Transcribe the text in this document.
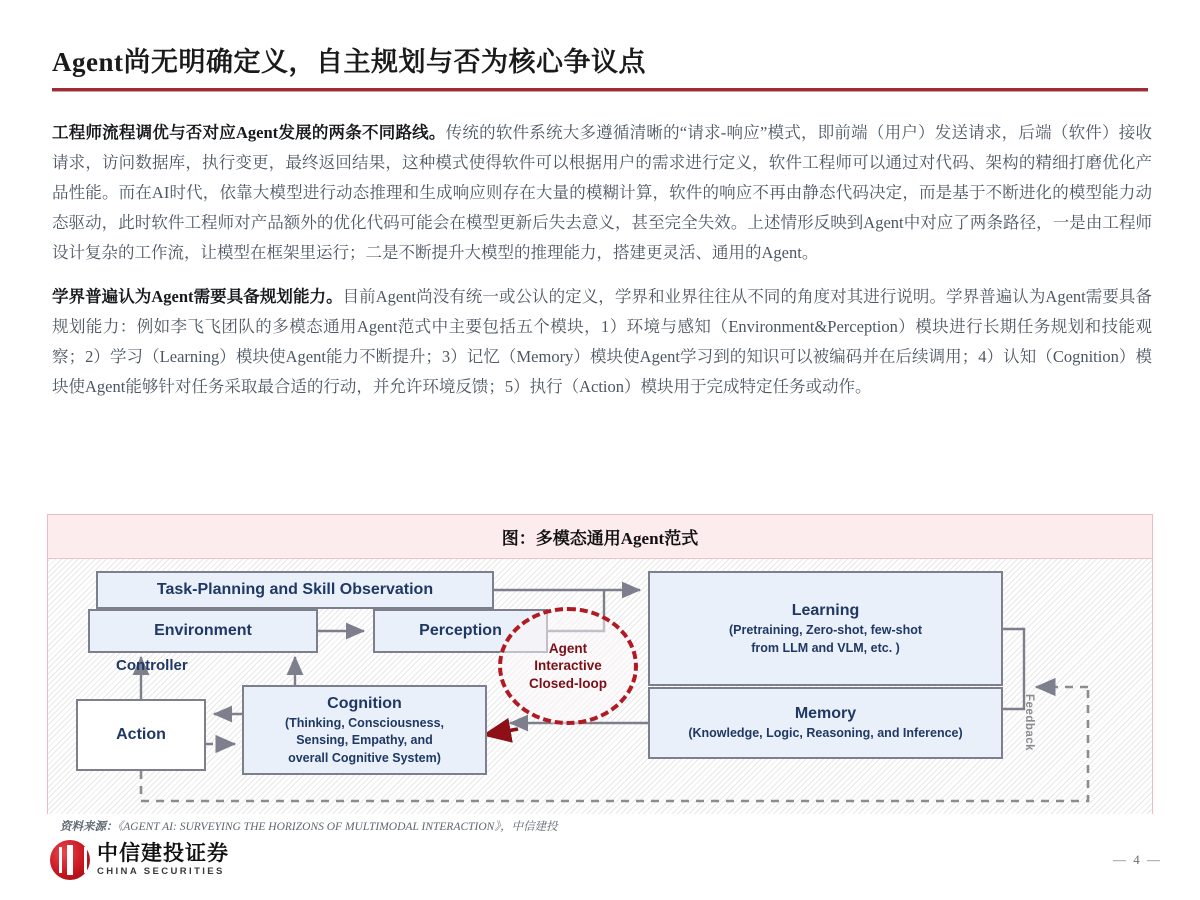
Agent尚无明确定义，自主规划与否为核心争议点

工程师流程调优与否对应Agent发展的两条不同路线。传统的软件系统大多遵循清晰的“请求-响应”模式，即前端（用户）发送请求，后端（软件）接收请求，访问数据库，执行变更，最终返回结果，这种模式使得软件可以根据用户的需求进行定义，软件工程师可以通过对代码、架构的精细打磨优化产品性能。而在AI时代，依靠大模型进行动态推理和生成响应则存在大量的模糊计算，软件的响应不再由静态代码决定，而是基于不断进化的模型能力动态驱动，此时软件工程师对产品额外的优化代码可能会在模型更新后失去意义，甚至完全失效。上述情形反映到Agent中对应了两条路径，一是由工程师设计复杂的工作流，让模型在框架里运行；二是不断提升大模型的推理能力，搭建更灵活、通用的Agent。

学界普遍认为Agent需要具备规划能力。目前Agent尚没有统一或公认的定义，学界和业界往往从不同的角度对其进行说明。学界普遍认为Agent需要具备规划能力：例如李飞飞团队的多模态通用Agent范式中主要包括五个模块，1）环境与感知（Environment&Perception）模块进行长期任务规划和技能观察；2）学习（Learning）模块使Agent能力不断提升；3）记忆（Memory）模块使Agent学习到的知识可以被编码并在后续调用；4）认知（Cognition）模块使Agent能够针对任务采取最合适的行动，并允许环境反馈；5）执行（Action）模块用于完成特定任务或动作。

图：多模态通用Agent范式
Task-Planning and Skill Observation
Environment	Perception
Action
Cognition
(Thinking, Consciousness,
Sensing, Empathy, and
overall Cognitive System)
Learning
(Pretraining, Zero-shot, few-shot
from LLM and VLM, etc. )
Memory
(Knowledge, Logic, Reasoning, and Inference)
Controller
Feedback
Agent
Interactive
Closed-loop
资料来源：《AGENT AI: SURVEYING THE HORIZONS OF MULTIMODAL INTERACTION》，中信建投
中信建投证券
CHINA SECURITIES
— 4 —
